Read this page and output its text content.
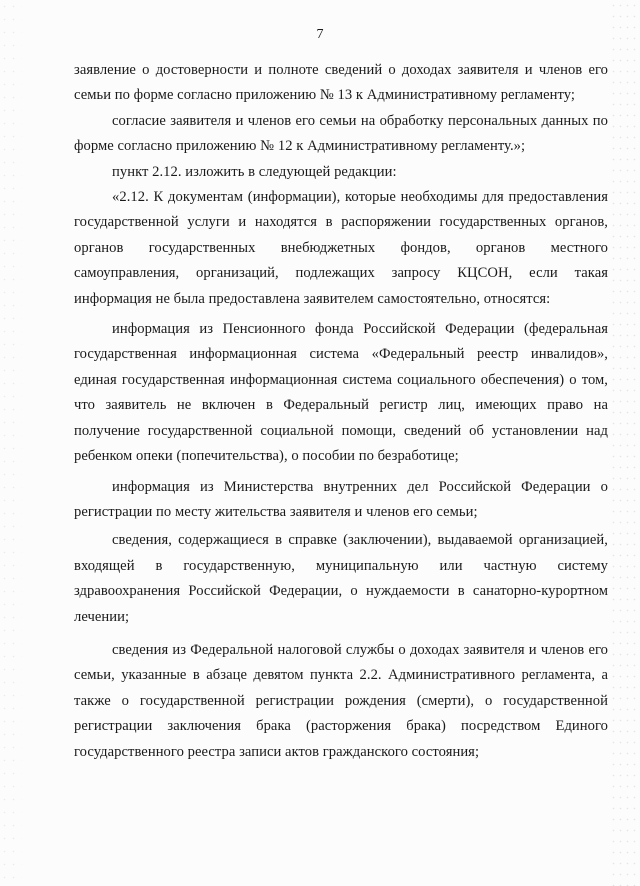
7

заявление о достоверности и полноте сведений о доходах заявителя и членов его семьи по форме согласно приложению № 13 к Административному регламенту;

согласие заявителя и членов его семьи на обработку персональных данных по форме согласно приложению № 12 к Административному регламенту.»;

пункт 2.12. изложить в следующей редакции:

«2.12. К документам (информации), которые необходимы для предоставления государственной услуги и находятся в распоряжении государственных органов, органов государственных внебюджетных фондов, органов местного самоуправления, организаций, подлежащих запросу КЦСОН, если такая информация не была предоставлена заявителем самостоятельно, относятся:

информация из Пенсионного фонда Российской Федерации (федеральная государственная информационная система «Федеральный реестр инвалидов», единая государственная информационная система социального обеспечения) о том, что заявитель не включен в Федеральный регистр лиц, имеющих право на получение государственной социальной помощи, сведений об установлении над ребенком опеки (попечительства), о пособии по безработице;

информация из Министерства внутренних дел Российской Федерации о регистрации по месту жительства заявителя и членов его семьи;

сведения, содержащиеся в справке (заключении), выдаваемой организацией, входящей в государственную, муниципальную или частную систему здравоохранения Российской Федерации, о нуждаемости в санаторно-курортном лечении;

сведения из Федеральной налоговой службы о доходах заявителя и членов его семьи, указанные в абзаце девятом пункта 2.2. Административного регламента, а также о государственной регистрации рождения (смерти), о государственной регистрации заключения брака (расторжения брака) посредством Единого государственного реестра записи актов гражданского состояния;
